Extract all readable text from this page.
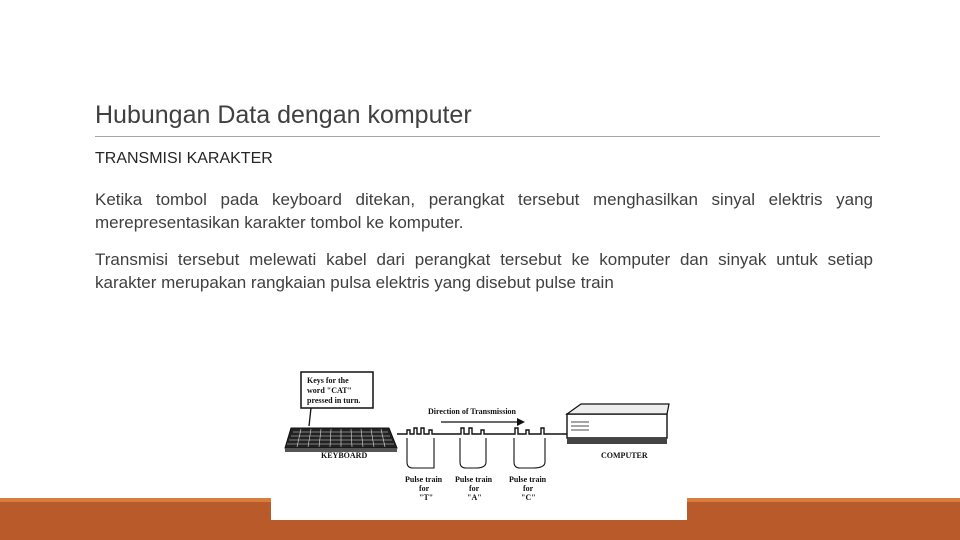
Hubungan Data dengan komputer
TRANSMISI KARAKTER

Ketika tombol pada keyboard ditekan, perangkat tersebut menghasilkan sinyal elektris yang merepresentasikan karakter tombol ke komputer.

Transmisi tersebut melewati kabel dari perangkat tersebut ke komputer dan sinyak untuk setiap karakter merupakan rangkaian pulsa elektris yang disebut pulse train

Keys for the
word "CAT"
pressed in turn.
KEYBOARD
Direction of Transmission
COMPUTER
Pulse train
for
"T"
Pulse train
for
"A"
Pulse train
for
"C"
